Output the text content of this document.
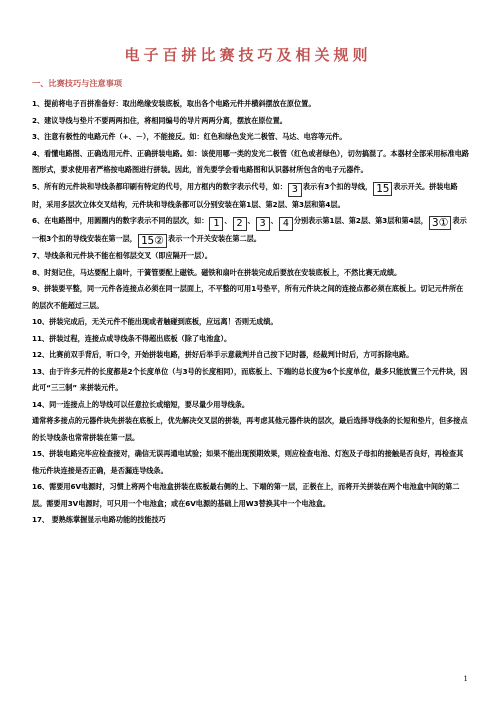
电子百拼比赛技巧及相关规则
一、比赛技巧与注意事项

1、提前将电子百拼准备好：取出绝缘安装底板，取出各个电路元件并横斜摆放在原位置。

2、建议导线与垫片不要两两扣住，将相同编号的导片两两分离，摆放在原位置。

3、注意有极性的电路元件（+、－），不能接反。如：红色和绿色发光二极管、马达、电容等元件。

4、看懂电路图、正确选用元件、正确拼装电路。如：该使用哪一类的发光二极管（红色或者绿色），切勿搞混了。本器材全部采用标准电路图形式，要求使用者严格按电路图进行拼装。因此，首先要学会看电路图和认识器材所包含的电子元器件。

5、所有的元件块和导线条都印刷有特定的代号，用方框内的数字表示代号，如： 3 表示有3个扣的导线， 15 表示开关。拼装电路时，采用多层次立体交叉结构，元件块和导线条都可以分别安装在第1层、第2层、第3层和第4层。

6、在电路图中，用圆圈内的数字表示不同的层次，如： 1 、 2 、 3 、 4 分别表示第1层、第2层、第3层和第4层， 3① 表示一根3个扣的导线安装在第一层， 15② 表示一个开关安装在第二层。

7、导线条和元件块不能在相邻层交叉（即应隔开一层）。

8、时刻记住，马达要配上扇叶，干簧管要配上磁铁。磁铁和扇叶在拼装完成后要放在安装底板上，不然比赛无成绩。

9、拼装要平整，同一元件各连接点必须在同一层面上，不平整的可用1号垫平，所有元件块之间的连接点都必须在底板上。切记元件所在的层次不能超过三层。

10、拼装完成后，无关元件不能出现或者触碰到底板，应远离！否则无成绩。

11、拼装过程，连接点或导线条不得超出底板（除了电池盒）。

12、比赛前双手背后，听口令，开始拼装电路，拼好后举手示意裁判并自己按下记时器，经裁判计时后，方可拆除电路。

13、由于许多元件的长度都是2个长度单位（与3号的长度相同），而底板上、下端的总长度为6个长度单位，最多只能放置三个元件块，因此可“三三制” 来拼装元件。

14、同一连接点上的导线可以任意拉长或缩短，要尽量少用导线条。

通常将多接点的元器件块先拼装在底板上，优先解决交叉层的拼装，再考虑其他元器件块的层次，最后选择导线条的长短和垫片，但多接点的长导线条也常常拼装在第一层。

15、拼装电路完毕应检查接对，确信无误再通电试验；如果不能出现预期效果，则应检查电池、灯泡及子母扣的接触是否良好，再检查其他元件块连接是否正确，是否漏连导线条。

16、需要用6V电源时，习惯上将两个电池盒拼装在底板最右侧的上、下端的第一层，正极在上，而将开关拼装在两个电池盒中间的第二层。需要用3V电源时，可只用一个电池盒；或在6V电源的基础上用W3替换其中一个电池盒。

17、 要熟练掌握显示电路功能的技能技巧

1
